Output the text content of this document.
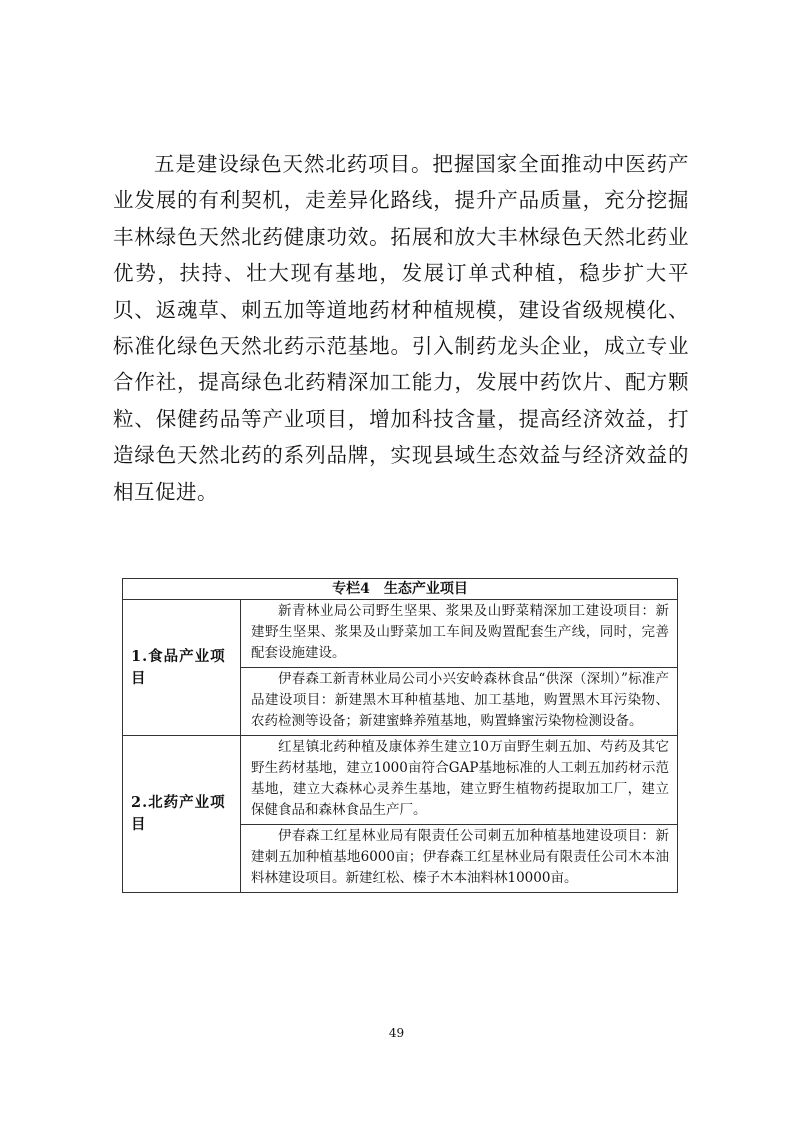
五是建设绿色天然北药项目。把握国家全面推动中医药产业发展的有利契机，走差异化路线，提升产品质量，充分挖掘丰林绿色天然北药健康功效。拓展和放大丰林绿色天然北药业优势，扶持、壮大现有基地，发展订单式种植，稳步扩大平贝、返魂草、刺五加等道地药材种植规模，建设省级规模化、标准化绿色天然北药示范基地。引入制药龙头企业，成立专业合作社，提高绿色北药精深加工能力，发展中药饮片、配方颗粒、保健药品等产业项目，增加科技含量，提高经济效益，打造绿色天然北药的系列品牌，实现县域生态效益与经济效益的相互促进。

专栏4　生态产业项目	
1.食品产业项目	新青林业局公司野生坚果、浆果及山野菜精深加工建设项目：新建野生坚果、浆果及山野菜加工车间及购置配套生产线，同时，完善配套设施建设。
	伊春森工新青林业局公司小兴安岭森林食品“供深（深圳）”标准产品建设项目：新建黑木耳种植基地、加工基地，购置黑木耳污染物、农药检测等设备；新建蜜蜂养殖基地，购置蜂蜜污染物检测设备。
2.北药产业项目	红星镇北药种植及康体养生建立10万亩野生刺五加、芍药及其它野生药材基地，建立1000亩符合GAP基地标准的人工刺五加药材示范基地，建立大森林心灵养生基地，建立野生植物药提取加工厂，建立保健食品和森林食品生产厂。
	伊春森工红星林业局有限责任公司刺五加种植基地建设项目：新建刺五加种植基地6000亩；伊春森工红星林业局有限责任公司木本油料林建设项目。新建红松、榛子木本油料林10000亩。
49
